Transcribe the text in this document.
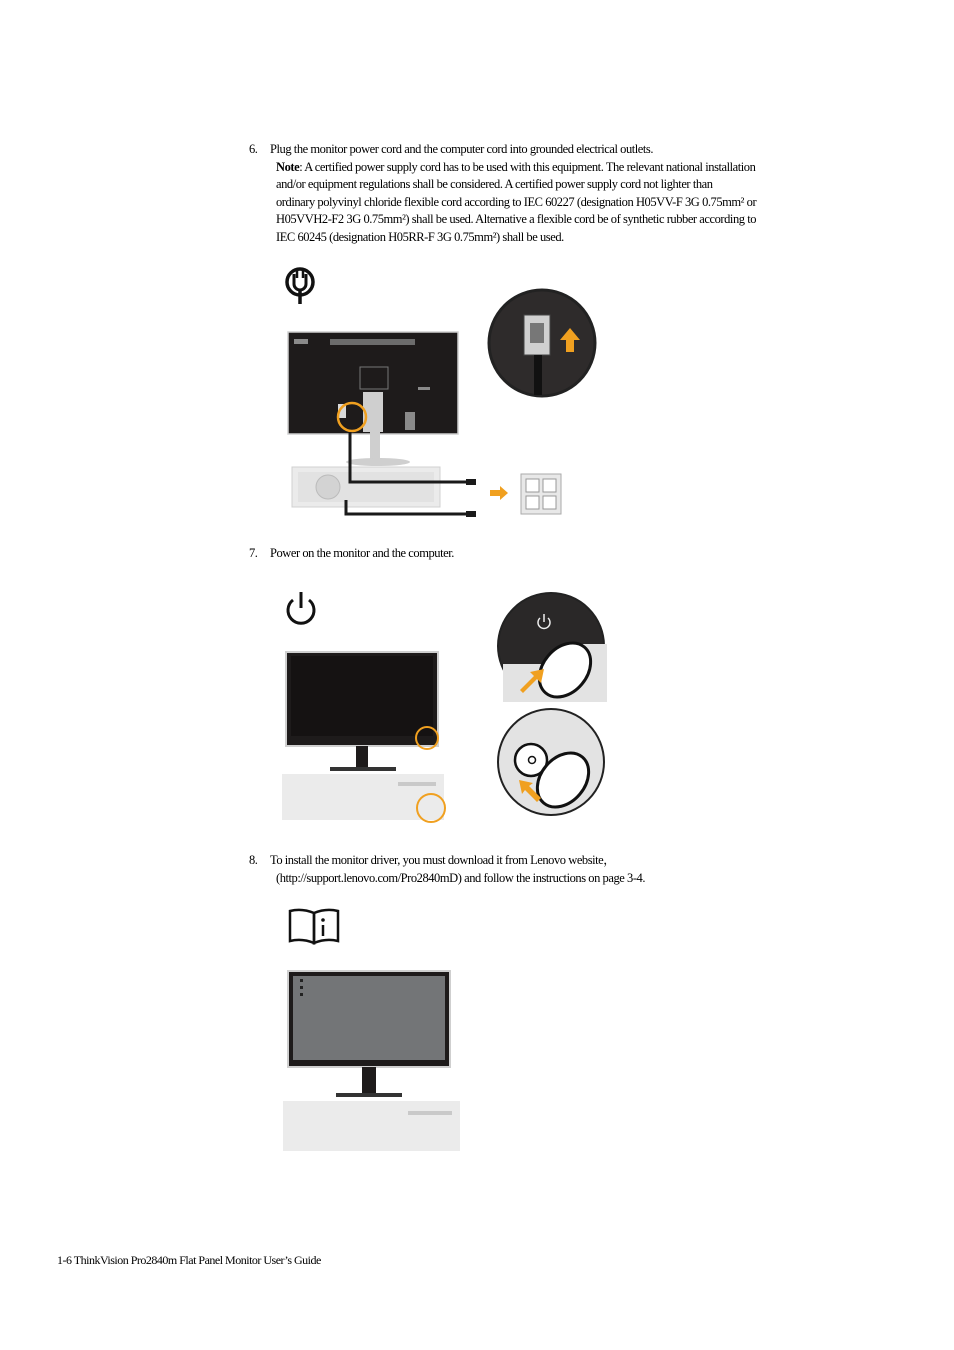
6. Plug the monitor power cord and the computer cord into grounded electrical outlets.
Note: A certified power supply cord has to be used with this equipment. The relevant national installation
and/or equipment regulations shall be considered. A certified power supply cord not lighter than
ordinary polyvinyl chloride flexible cord according to IEC 60227 (designation H05VV-F 3G 0.75mm² or
H05VVH2-F2 3G 0.75mm²) shall be used. Alternative a flexible cord be of synthetic rubber according to
IEC 60245 (designation H05RR-F 3G 0.75mm²) shall be used.
7. Power on the monitor and the computer.
8. To install the monitor driver, you must download it from Lenovo website，
(http://support.lenovo.com/Pro2840mD) and follow the instructions on page 3-4.
1-6 ThinkVision Pro2840m Flat Panel Monitor User’s Guide
